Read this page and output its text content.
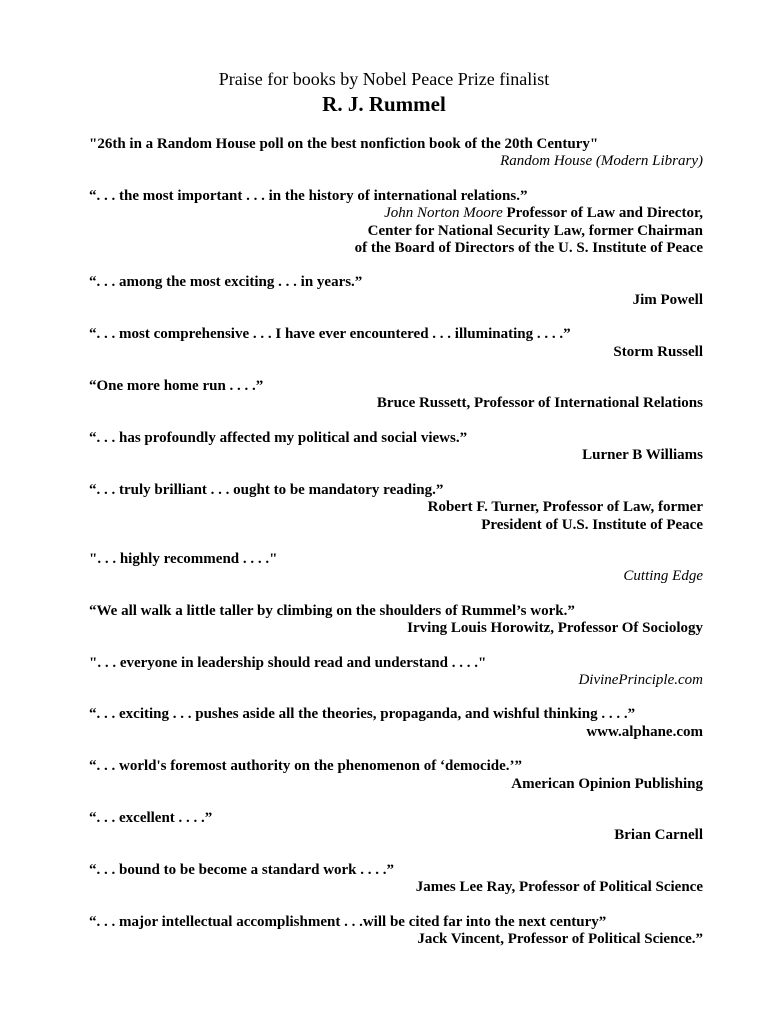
Praise for books by Nobel Peace Prize finalist
R. J. Rummel
"26th in a Random House poll on the best nonfiction book of the 20th Century"
Random House (Modern Library)
“. . . the most important . . . in the history of international relations.”
John Norton Moore Professor of Law and Director,
Center for National Security Law, former Chairman
of the Board of Directors of the U. S. Institute of Peace
“. . . among the most exciting . . . in years.”
Jim Powell
“. . . most comprehensive . . . I have ever encountered . . . illuminating . . . .”
Storm Russell
“One more home run . . . .”
Bruce Russett, Professor of International Relations
“. . . has profoundly affected my political and social views.”
Lurner B Williams
“. . . truly brilliant . . . ought to be mandatory reading.”
Robert F. Turner, Professor of Law, former
President of U.S. Institute of Peace
". . . highly recommend . . . ."
Cutting Edge
“We all walk a little taller by climbing on the shoulders of Rummel’s work.”
Irving Louis Horowitz, Professor Of Sociology
". . . everyone in leadership should read and understand . . . ."
DivinePrinciple.com
“. . . exciting . . . pushes aside all the theories, propaganda, and wishful thinking . . . .”
www.alphane.com
“. . . world's foremost authority on the phenomenon of ‘democide.’”
American Opinion Publishing
“. . . excellent . . . .”
Brian Carnell
“. . . bound to be become a standard work . . . .”
James Lee Ray, Professor of Political Science
“. . . major intellectual accomplishment . . .will be cited far into the next century”
Jack Vincent, Professor of Political Science.”
